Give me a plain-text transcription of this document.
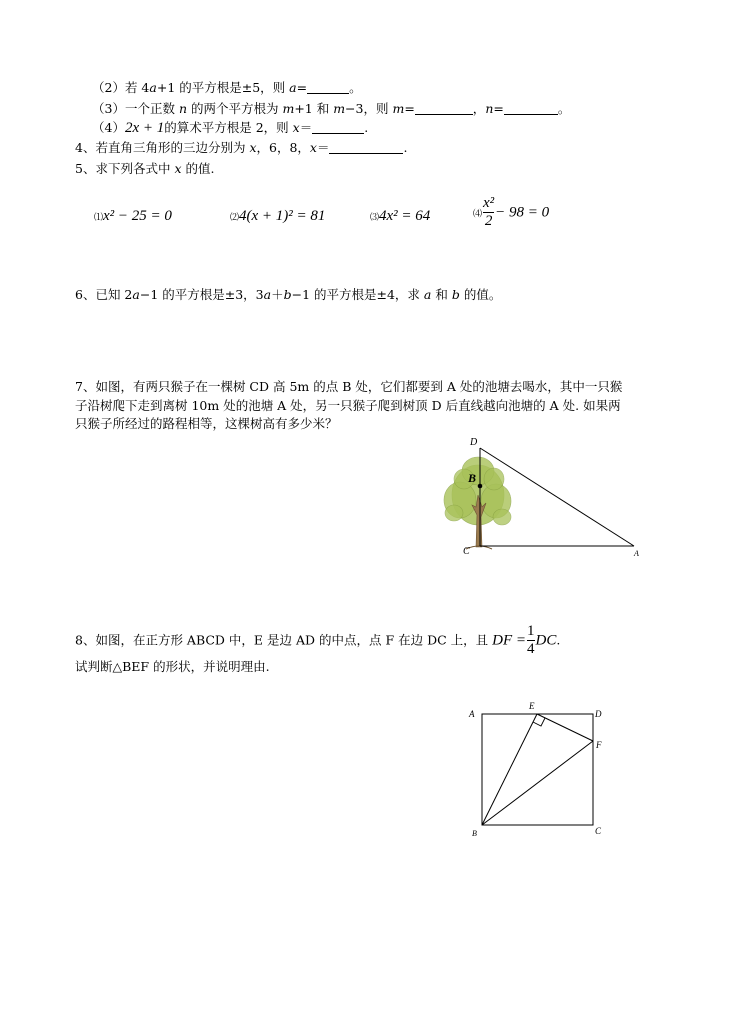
（2）若 4a+1 的平方根是±5，则 a=	。
（3）一个正数 n 的两个平方根为 m+1 和 m−3，则 m=	，n=	。
（4）2x + 1的算术平方根是 2，则 x＝	.
4、若直角三角形的三边分别为 x，6，8，x＝	.
5、求下列各式中 x 的值.
⑴x² − 25 = 0	⑵4(x + 1)² = 81	⑶4x² = 64	⑷ $\frac{\text{x²}}{2} - 98 = 0$
6、已知 2a−1 的平方根是±3，3a＋b−1 的平方根是±4，求 a 和 b 的值。
7、如图，有两只猴子在一棵树 CD 高 5m 的点 B 处，它们都要到 A 处的池塘去喝水，其中一只猴
子沿树爬下走到离树 10m 处的池塘 A 处，另一只猴子爬到树顶 D 后直线越向池塘的 A 处. 如果两
只猴子所经过的路程相等，这棵树高有多少米？
D
B
C	A
8、如图，在正方形 ABCD 中，E 是边 AD 的中点，点 F 在边 DC 上，且 DF = $\frac{1}{4}$ DC.
试判断△BEF 的形状，并说明理由.
A
E
D
F
B	C
